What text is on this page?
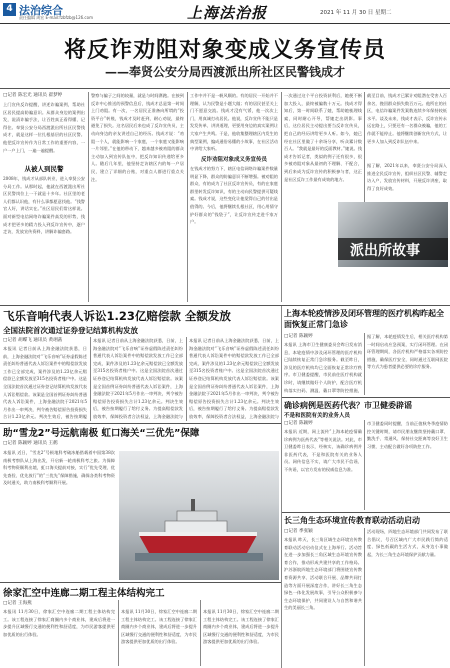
4 法治综合
责任编辑 周宏 E-mail:fzbfzb@126.com	上海法治报	2021 年 11 月 30 日 星期二
将反诈劝阻对象变成义务宣传员
——奉贤公安分局西渡派出所社区民警钱成才
□记者 陈宏光 通讯员 翟梦婷
上门宣传反诈提醒，讲述诈骗案例，帮助社区居民提高防骗意识。从群众身边的案例出发，说清诈骗手法，让百姓真正看得懂、记得住。奉贤公安分局西渡派出所社区民警钱成才，就是这样一位扎根基层的社区民警。他把反诈宣传作为日常工作的重要内容，一户一户上门，一遍一遍提醒。
从被人到民警
2008年，钱成才从部队转业，进入奉贤公安分局工作。从那时起，他就在西渡派出所社区民警岗位上一干就是十多年。社区里的老人们都认识他，有什么事都愿意找他。“钱警官人好，讲话实在。”社区居民们常这样说。面对新型电信网络诈骗案件高发的形势，钱成才把更多的精力投入到反诈宣传中，逐户走访，发放宣传资料，讲解诈骗套路。
警察与骗子之间的较量，就是与时间赛跑。在接到反诈中心推送的预警信息后，钱成才总是第一时间上门劝阻。有一次，一名居民正准备向所谓的“投资平台”转账，钱成才及时赶到，耐心劝说，最终避免了损失。这名居民后来也成了反诈宣传员，主动向身边的亲友讲述自己的经历。钱成才说：“劝阻一个人，就能影响一个家庭，一个家庭又能影响一片邻里。”在他的带动下，越来越多被劝阻的群众主动加入到宣传队伍中，把反诈知识传递给更多人。随后几年里，他坚持走访辖区内的每一户居民，建立了详细的台账，对重点人群进行重点关注。
工作中并不是一帆风顺的。有的居民一开始并不理解，认为民警是小题大做；有的居民甚至关上门不愿意交流。钱成才没有气馁，他一次次上门，用真诚打动居民。他说，反诈宣传不能只是发发传单、讲讲道理，更要用身边的真实案例让大家产生共鸣。于是，他收集整理辖区内发生的典型案例，编成通俗易懂的小故事，在社区活动中讲给大家听。
反诈劝阻对象成义务宣传员
在钱成才的努力下，辖区电信网络诈骗案件数量明显下降，群众的防骗意识不断增强。被劝阻的群众，有的成为了社区反诈宣传员，有的在家庭群里转发反诈知识，有的主动向民警提供可疑线索。钱成才说，这些变化让他觉得自己的付出是值得的。今后，他将继续扎根社区，用心用情守护好群众的“钱袋子”，让反诈宣传走进千家万户。
一次通过这个平台投资获利后，她便不断加大投入，最终被骗数十万元。钱成才得知后，第一时间联系了她，帮助她梳理线索，同时耐心开导，帮她走出阴影。事后，这位居民主动提出要当反诈宣传员，把自己的经历讲给更多人听。如今，她已经在社区里做了十余场分享，听众累计数百人。“我就是最好的反面教材。”她说。钱成才告诉记者，类似的例子还有很多，很多被劝阻对象从最初的不理解、不配合，到后来成为反诈宣传的积极参与者，这正是社区反诈工作最有成效的地方。
截至目前，钱成才已累计劝阻潜在受害人百余名，挽回群众损失数百万元。他所在的社区，电信诈骗案件发案数连续多年保持较低水平。谈及未来，钱成才表示，反诈宣传永远在路上，只要还有一名群众被骗，他的工作就不能停止。他将继续创新宣传方式，让更多人加入到反诈队伍中来。
据了解，2021年以来，奉贤公安分局深入推进全民反诈宣传，组织社区民警、辅警走访入户，发放宣传材料，开展反诈讲座，取得了良好成效。
派出所故事
飞乐音响代表人诉讼1.23亿赔偿款 全额发放
全国法院首次通过证券登记结算机构发放
□记者 胡蝶飞 通讯员 黄翊菡
本报讯 记者日前从上海金融法院获悉，日前，上海金融法院对“飞乐音响”证券虚假陈述责任纠纷普通代表人诉讼案件中的赔偿款发放工作已全部完成，案件涉及的1.23亿余元赔偿款已全额发放至315名投资者账户中。这是全国法院首次通过证券登记结算机构发放代表人诉讼赔偿款。该案是全国首例证券纠纷普通代表人诉讼案件，上海金融法院于2021年5月作出一审判决，判令被告赔偿原告投资损失合计1.23亿余元。判决生效后，被告按期履
本报讯 记者日前从上海金融法院获悉，日前，上海金融法院对“飞乐音响”证券虚假陈述责任纠纷普通代表人诉讼案件中的赔偿款发放工作已全部完成，案件涉及的1.23亿余元赔偿款已全额发放至315名投资者账户中。这是全国法院首次通过证券登记结算机构发放代表人诉讼赔偿款。该案是全国首例证券纠纷普通代表人诉讼案件，上海金融法院于2021年5月作出一审判决，判令被告赔偿原告投资损失合计1.23亿余元。判决生效后，被告按期履行了给付义务。为提高赔偿款发放效率，保障投资者合法权益，上海金融法院与
本报讯 记者日前从上海金融法院获悉，日前，上海金融法院对“飞乐音响”证券虚假陈述责任纠纷普通代表人诉讼案件中的赔偿款发放工作已全部完成，案件涉及的1.23亿余元赔偿款已全额发放至315名投资者账户中。这是全国法院首次通过证券登记结算机构发放代表人诉讼赔偿款。该案是全国首例证券纠纷普通代表人诉讼案件，上海金融法院于2021年5月作出一审判决，判令被告赔偿原告投资损失合计1.23亿余元。判决生效后，被告按期履行了给付义务。为提高赔偿款发放效率，保障投资者合法权益，上海金融法院与
助“雪龙2”号远航南极 虹口海关“三优先”保障
□记者 陈颖婷 通讯员 王鹤
本报讯 近日，“雪龙2”号极地科考破冰船搭载着中国第38次南极考察队从上海出发，开启新一轮南极科考之旅。为保障科考物资顺利出境，虹口海关提前对接，实行“优先受理、优先查验、优先放行”的“三优先”保障措施，确保各类科考物资及时通关，助力南极科考顺利开展。
徐家汇空中连廊二期工程主体结构完工
□记者 王海燕
本报讯 11月30日，徐家汇空中连廊二期工程主体结构完工。该工程连接了徐家汇商圈内多个商业体，建成后将进一步提升区域慢行交通的便利性和舒适度，为市民游客提供更加优质的出行体验。
本报讯 11月30日，徐家汇空中连廊二期工程主体结构完工。该工程连接了徐家汇商圈内多个商业体，建成后将进一步提升区域慢行交通的便利性和舒适度，为市民游客提供更加优质的出行体验。
本报讯 11月30日，徐家汇空中连廊二期工程主体结构完工。该工程连接了徐家汇商圈内多个商业体，建成后将进一步提升区域慢行交通的便利性和舒适度，为市民游客提供更加优质的出行体验。
上海本轮疫情涉及闭环管理的医疗机构昨起全面恢复正常门急诊
□记者 陈颖婷
本报讯 上海市卫生健康委员会昨日发布消息，本轮疫情中涉及闭环管理的医疗机构已陆续恢复正常门急诊服务。截至昨日，涉及的医疗机构均已全面恢复正常诊疗秩序。市卫健委提醒，市民前往医疗机构就诊时，请继续做好个人防护，配合医疗机构落实扫码、测温、戴口罩等防控措施，
据了解，本轮疫情发生后，相关医疗机构第一时间启动应急预案，实行闭环管理。在闭环管理期间，各医疗机构严格落实各项防控措施，确保医疗安全，同时通过互联网医院等方式为患者提供必要的诊疗服务。
确诊病例是医药代表？市卫健委辟谣
不是和医院有关的业务人员
□记者 陈颖婷
本报讯 近期，网上流传“上海本轮疫情确诊病例为医药代表”等相关说法。对此，市卫健委昨日表示，经核实，该确诊病例并非医药代表，不是和医院有关的业务人员。网传信息不实，请广大市民不信谣、不传谣，以官方发布的权威信息为准。
市卫健委同时提醒，当前正值秋冬季疫情防控关键时期，请市民朋友继续坚持戴口罩、勤洗手、常通风、保持社交距离等良好卫生习惯，主动配合做好各项防控工作。
长三角生态环境宣传教育联动活动启动
□记者 季张颖
本报讯 昨天，长三角区域生态环境宣传教育联动活动启动仪式在上海举行。活动旨在进一步加强长三角区域生态环境宣传教育合作，推动形成共建共享的工作格局。沪苏浙皖四地生态环境部门将围绕宣传教育资源共享、活动联合开展、品牌共同打造等方面开展深度合作，讲好长三角生态绿色一体化发展故事，引导公众积极参与生态环境保护，共同建设人与自然和谐共生的美丽长三角。
活动现场，四地生态环境部门共同发布了联合倡议，号召区域内广大市民践行简约适度、绿色低碳的生活方式，从身边小事做起，为长三角生态环境保护贡献力量。
